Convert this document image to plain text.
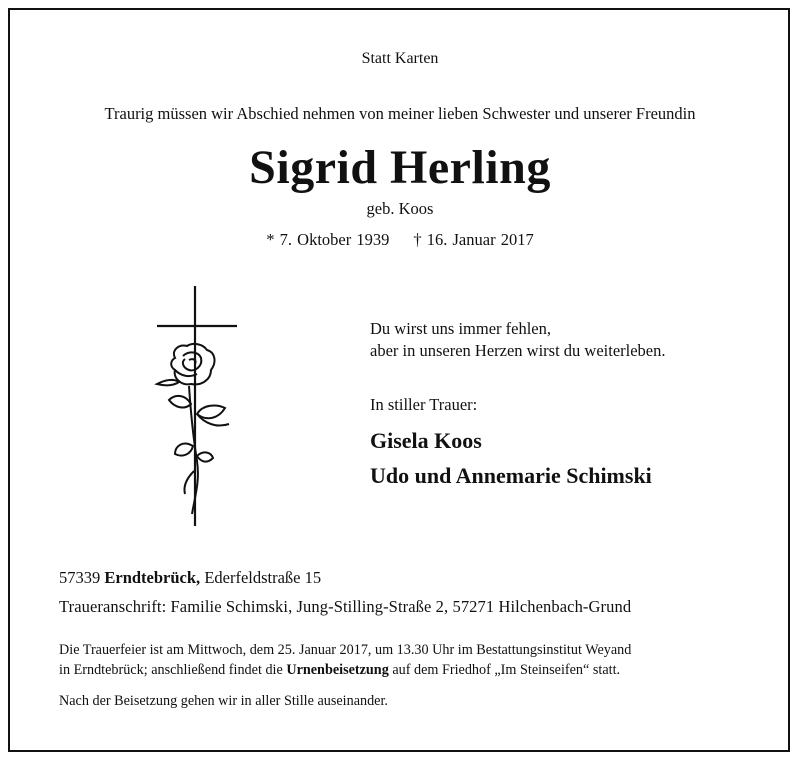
Statt Karten
Traurig müssen wir Abschied nehmen von meiner lieben Schwester und unserer Freundin
Sigrid Herling
geb. Koos
* 7. Oktober 1939 † 16. Januar 2017
Du wirst uns immer fehlen,
aber in unseren Herzen wirst du weiterleben.
In stiller Trauer:
Gisela Koos
Udo und Annemarie Schimski
57339 Erndtebrück, Ederfeldstraße 15
Traueranschrift: Familie Schimski, Jung-Stilling-Straße 2, 57271 Hilchenbach-Grund
Die Trauerfeier ist am Mittwoch, dem 25. Januar 2017, um 13.30 Uhr im Bestattungsinstitut Weyand
in Erndtebrück; anschließend findet die Urnenbeisetzung auf dem Friedhof „Im Steinseifen“ statt.
Nach der Beisetzung gehen wir in aller Stille auseinander.
